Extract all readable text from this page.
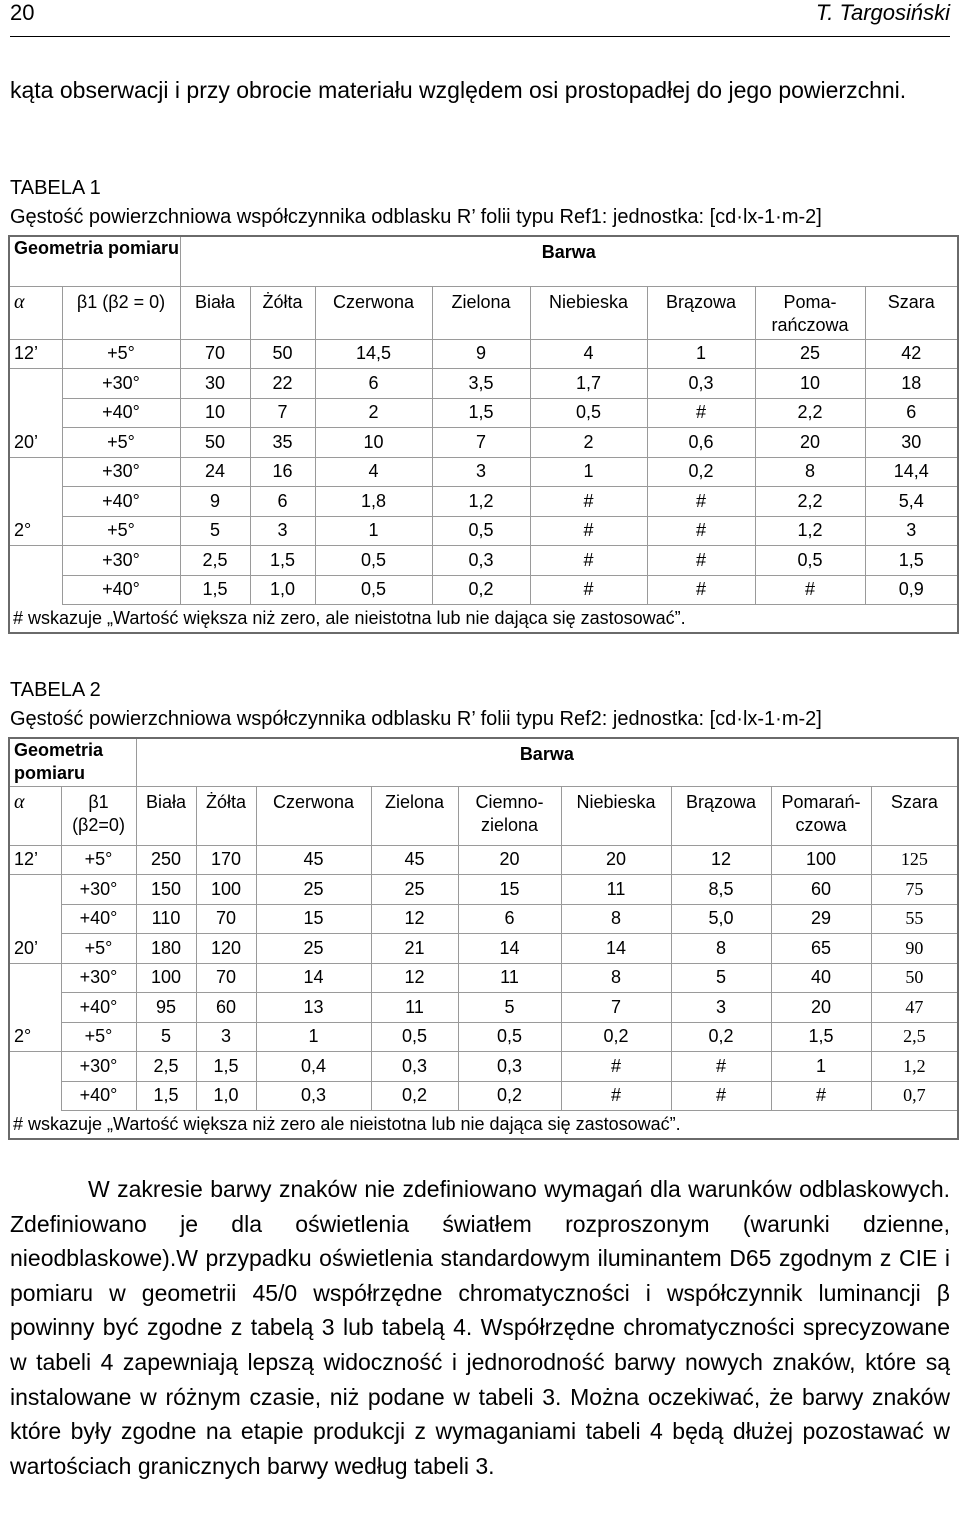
20	T. Targosiński

kąta obserwacji i przy obrocie materiału względem osi prostopadłej do jego powierzchni.

TABELA 1
Gęstość powierzchniowa współczynnika odblasku R’ folii typu Ref1: jednostka: [cd·lx-1·m-2]
Geometria pomiaru		Barwa							
α	β1 (β2 = 0)	Biała	Żółta	Czerwona	Zielona	Niebieska	Brązowa	Poma-rańczowa	Szara
12’	+5°	70	50	14,5	9	4	1	25	42
	+30°	30	22	6	3,5	1,7	0,3	10	18
	+40°	10	7	2	1,5	0,5	#	2,2	6
20’	+5°	50	35	10	7	2	0,6	20	30
	+30°	24	16	4	3	1	0,2	8	14,4
	+40°	9	6	1,8	1,2	#	#	2,2	5,4
2°	+5°	5	3	1	0,5	#	#	1,2	3
	+30°	2,5	1,5	0,5	0,3	#	#	0,5	1,5
	+40°	1,5	1,0	0,5	0,2	#	#	#	0,9
# wskazuje „Wartość większa niż zero, ale nieistotna lub nie dająca się zastosować”.									
TABELA 2
Gęstość powierzchniowa współczynnika odblasku R’ folii typu Ref2: jednostka: [cd·lx-1·m-2]
Geometria pomiaru		Barwa								
α	β1 (β2=0)	Biała	Żółta	Czerwona	Zielona	Ciemno-zielona	Niebieska	Brązowa	Pomarań-czowa	Szara
12’	+5°	250	170	45	45	20	20	12	100	125
	+30°	150	100	25	25	15	11	8,5	60	75
	+40°	110	70	15	12	6	8	5,0	29	55
20’	+5°	180	120	25	21	14	14	8	65	90
	+30°	100	70	14	12	11	8	5	40	50
	+40°	95	60	13	11	5	7	3	20	47
2°	+5°	5	3	1	0,5	0,5	0,2	0,2	1,5	2,5
	+30°	2,5	1,5	0,4	0,3	0,3	#	#	1	1,2
	+40°	1,5	1,0	0,3	0,2	0,2	#	#	#	0,7
# wskazuje „Wartość większa niż zero ale nieistotna lub nie dająca się zastosować”.										

W zakresie barwy znaków nie zdefiniowano wymagań dla warunków odblaskowych. Zdefiniowano je dla oświetlenia światłem rozproszonym (warunki dzienne, nieodblaskowe).W przypadku oświetlenia standardowym iluminantem D65 zgodnym z CIE i pomiaru w geometrii 45/0 współrzędne chromatyczności i współczynnik luminancji β powinny być zgodne z tabelą 3 lub tabelą 4. Współrzędne chromatyczności sprecyzowane w tabeli 4 zapewniają lepszą widoczność i jednorodność barwy nowych znaków, które są instalowane w różnym czasie, niż podane w tabeli 3. Można oczekiwać, że barwy znaków które były zgodne na etapie produkcji z wymaganiami tabeli 4 będą dłużej pozostawać w wartościach granicznych barwy według tabeli 3.
